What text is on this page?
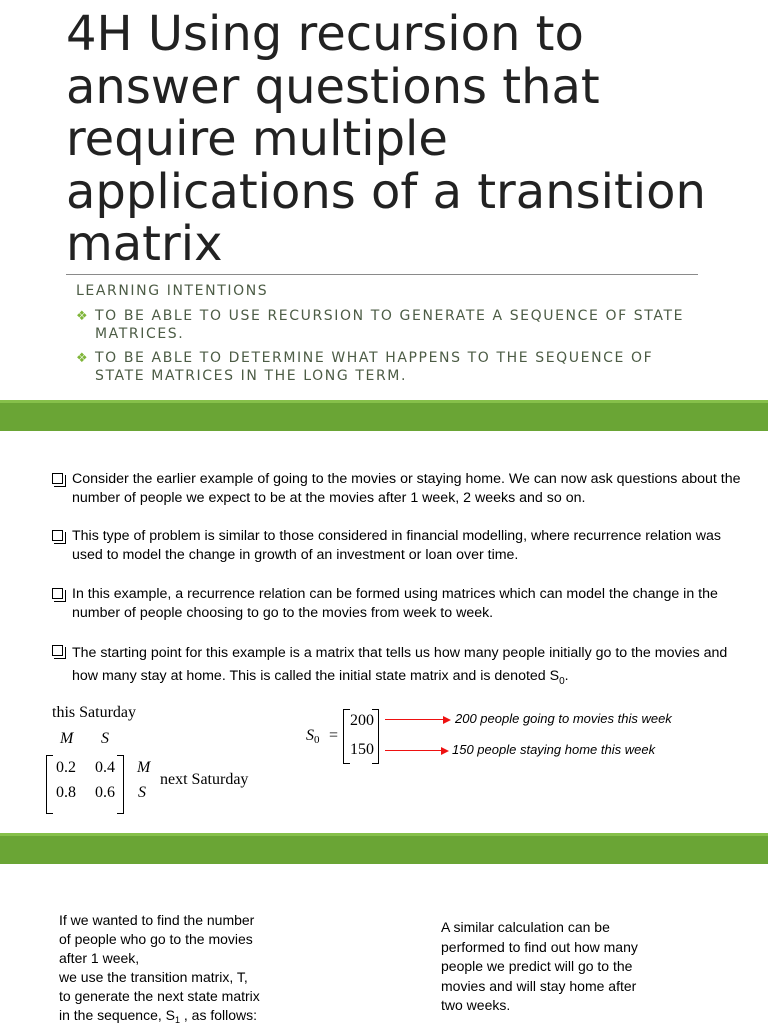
4H Using recursion to answer questions that require multiple applications of a transition matrix
LEARNING INTENTIONS
❖ TO BE ABLE TO USE RECURSION TO GENERATE A SEQUENCE OF STATE MATRICES.
❖ TO BE ABLE TO DETERMINE WHAT HAPPENS TO THE SEQUENCE OF STATE MATRICES IN THE LONG TERM.
Consider the earlier example of going to the movies or staying home. We can now ask questions about the number of people we expect to be at the movies after 1 week, 2 weeks and so on.
This type of problem is similar to those considered in financial modelling, where recurrence relation was used to model the change in growth of an investment or loan over time.
In this example, a recurrence relation can be formed using matrices which can model the change in the number of people choosing to go to the movies from week to week.
The starting point for this example is a matrix that tells us how many people initially go to the movies and how many stay at home. This is called the initial state matrix and is denoted $S_0$.
this Saturday
M S
0.2 0.4
0.8 0.6
M
S
next Saturday
S0 =
200
150
200 people going to movies this week
150 people staying home this week
If we wanted to find the number
of people who go to the movies
after 1 week,
we use the transition matrix, T,
to generate the next state matrix
in the sequence, $S_1$ , as follows:
A similar calculation can be performed to find out how many people we predict will go to the movies and will stay home after two weeks.
